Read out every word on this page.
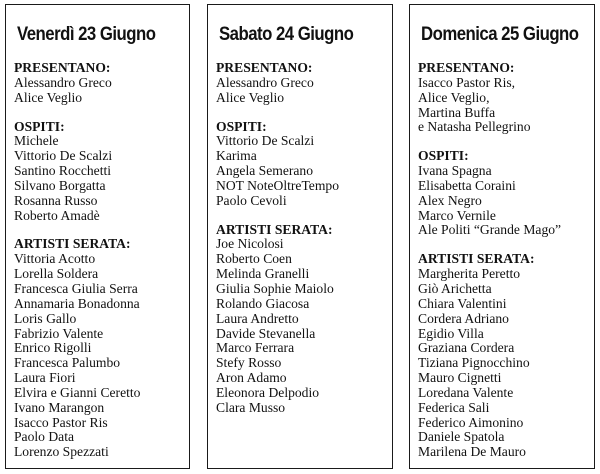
Venerdì 23 Giugno
PRESENTANO:
Alessandro Greco
Alice Veglio
OSPITI:
Michele
Vittorio De Scalzi
Santino Rocchetti
Silvano Borgatta
Rosanna Russo
Roberto Amadè
ARTISTI SERATA:
Vittoria Acotto
Lorella Soldera
Francesca Giulia Serra
Annamaria Bonadonna
Loris Gallo
Fabrizio Valente
Enrico Rigolli
Francesca Palumbo
Laura Fiori
Elvira e Gianni Ceretto
Ivano Marangon
Isacco Pastor Ris
Paolo Data
Lorenzo Spezzati
Sabato 24 Giugno
PRESENTANO:
Alessandro Greco
Alice Veglio
OSPITI:
Vittorio De Scalzi
Karima
Angela Semerano
NOT NoteOltreTempo
Paolo Cevoli
ARTISTI SERATA:
Joe Nicolosi
Roberto Coen
Melinda Granelli
Giulia Sophie Maiolo
Rolando Giacosa
Laura Andretto
Davide Stevanella
Marco Ferrara
Stefy Rosso
Aron Adamo
Eleonora Delpodio
Clara Musso
Domenica 25 Giugno
PRESENTANO:
Isacco Pastor Ris,
Alice Veglio,
Martina Buffa
e Natasha Pellegrino
OSPITI:
Ivana Spagna
Elisabetta Coraini
Alex Negro
Marco Vernile
Ale Politi “Grande Mago”
ARTISTI SERATA:
Margherita Peretto
Giò Arichetta
Chiara Valentini
Cordera Adriano
Egidio Villa
Graziana Cordera
Tiziana Pignocchino
Mauro Cignetti
Loredana Valente
Federica Sali
Federico Aimonino
Daniele Spatola
Marilena De Mauro
